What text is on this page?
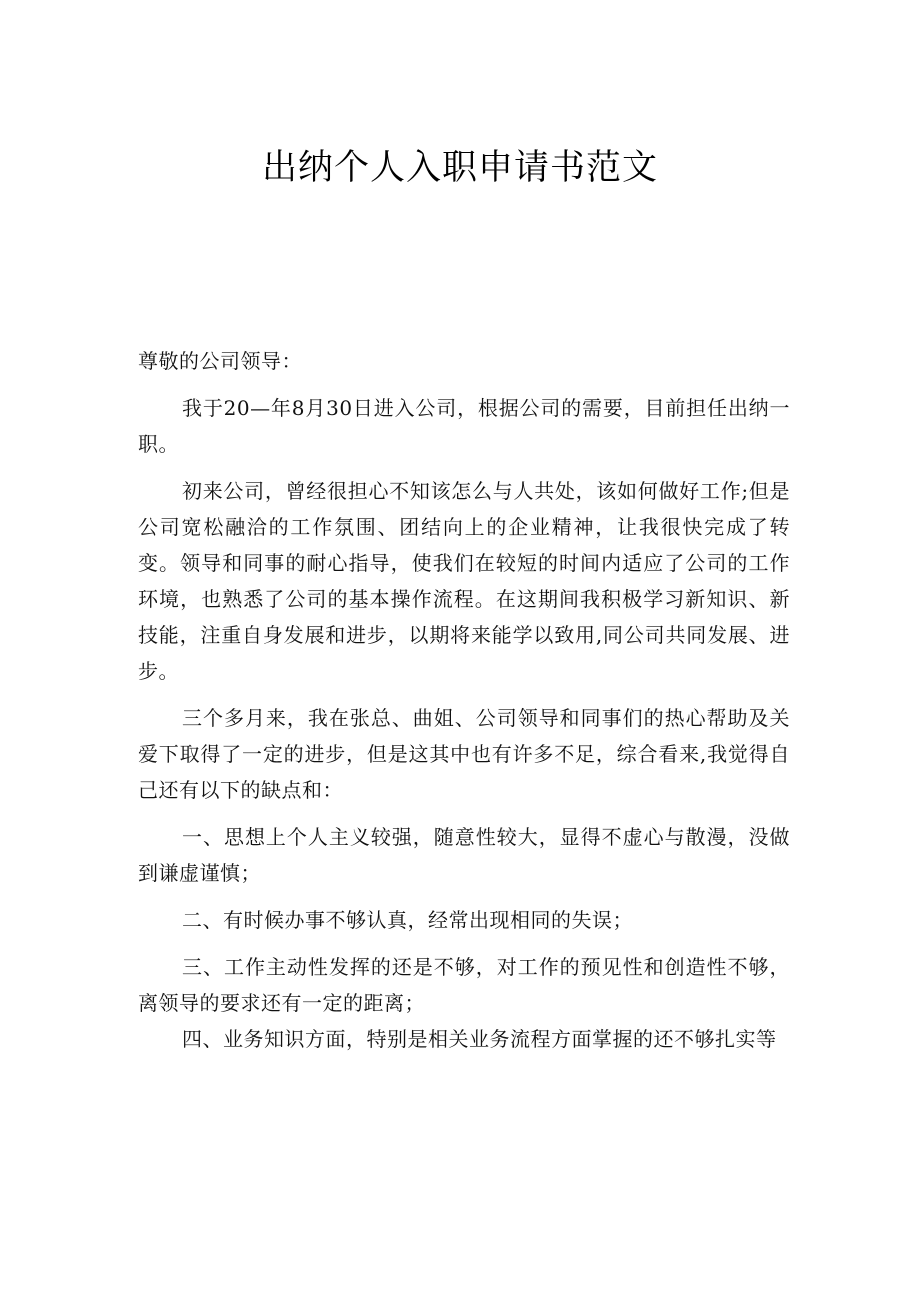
出纳个人入职申请书范文

尊敬的公司领导：

我于20—年8月30日进入公司，根据公司的需要，目前担任出纳一职。

初来公司，曾经很担心不知该怎么与人共处，该如何做好工作;但是公司宽松融洽的工作氛围、团结向上的企业精神，让我很快完成了转变。领导和同事的耐心指导，使我们在较短的时间内适应了公司的工作环境，也熟悉了公司的基本操作流程。在这期间我积极学习新知识、新技能，注重自身发展和进步，以期将来能学以致用,同公司共同发展、进步。

三个多月来，我在张总、曲姐、公司领导和同事们的热心帮助及关爱下取得了一定的进步，但是这其中也有许多不足，综合看来,我觉得自己还有以下的缺点和：

一、思想上个人主义较强，随意性较大，显得不虚心与散漫，没做到谦虚谨慎；

二、有时候办事不够认真，经常出现相同的失误；

三、工作主动性发挥的还是不够，对工作的预见性和创造性不够，离领导的要求还有一定的距离；

四、业务知识方面，特别是相关业务流程方面掌握的还不够扎实等
